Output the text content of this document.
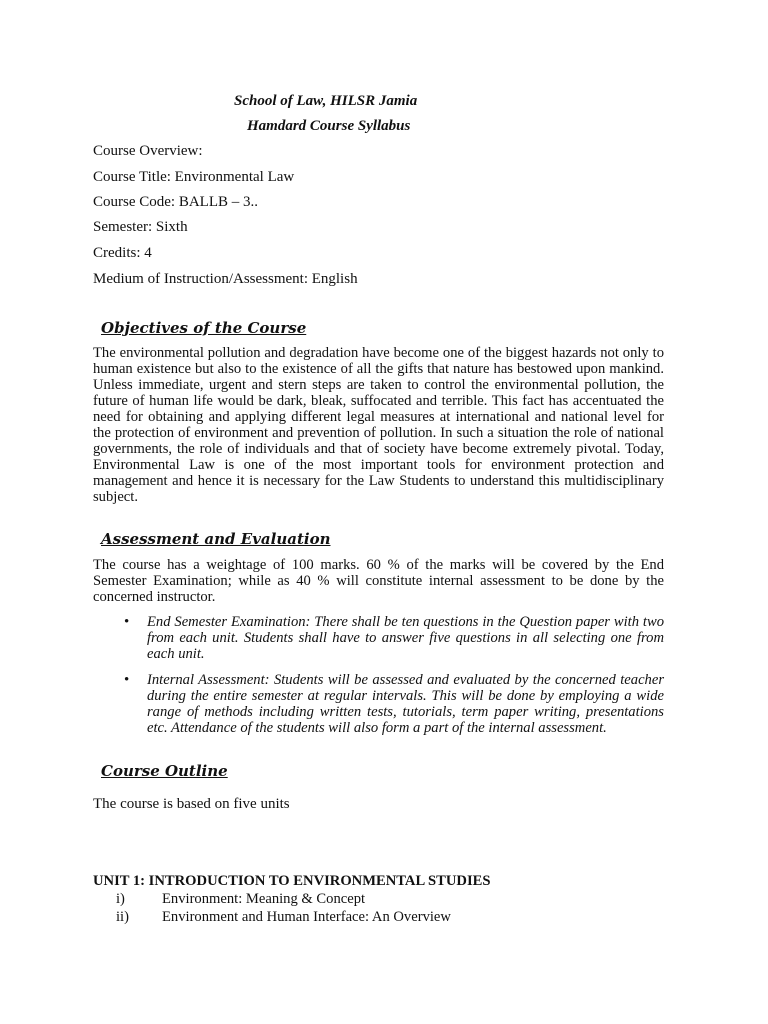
School of Law, HILSR Jamia
Hamdard Course Syllabus
Course Overview:
Course Title: Environmental Law
Course Code: BALLB – 3..
Semester: Sixth
Credits: 4
Medium of Instruction/Assessment: English
Objectives of the Course
The environmental pollution and degradation have become one of the biggest hazards not only to human existence but also to the existence of all the gifts that nature has bestowed upon mankind. Unless immediate, urgent and stern steps are taken to control the environmental pollution, the future of human life would be dark, bleak, suffocated and terrible. This fact has accentuated the need for obtaining and applying different legal measures at international and national level for the protection of environment and prevention of pollution. In such a situation the role of national governments, the role of individuals and that of society have become extremely pivotal. Today, Environmental Law is one of the most important tools for environment protection and management and hence it is necessary for the Law Students to understand this multidisciplinary subject.
Assessment and Evaluation
The course has a weightage of 100 marks. 60 % of the marks will be covered by the End Semester Examination; while as 40 % will constitute internal assessment to be done by the concerned instructor.
• End Semester Examination: There shall be ten questions in the Question paper with two from each unit. Students shall have to answer five questions in all selecting one from each unit.
• Internal Assessment: Students will be assessed and evaluated by the concerned teacher during the entire semester at regular intervals. This will be done by employing a wide range of methods including written tests, tutorials, term paper writing, presentations etc. Attendance of the students will also form a part of the internal assessment.
Course Outline
The course is based on five units
UNIT 1: INTRODUCTION TO ENVIRONMENTAL STUDIES
i)	Environment: Meaning & Concept
ii) Environment and Human Interface: An Overview
